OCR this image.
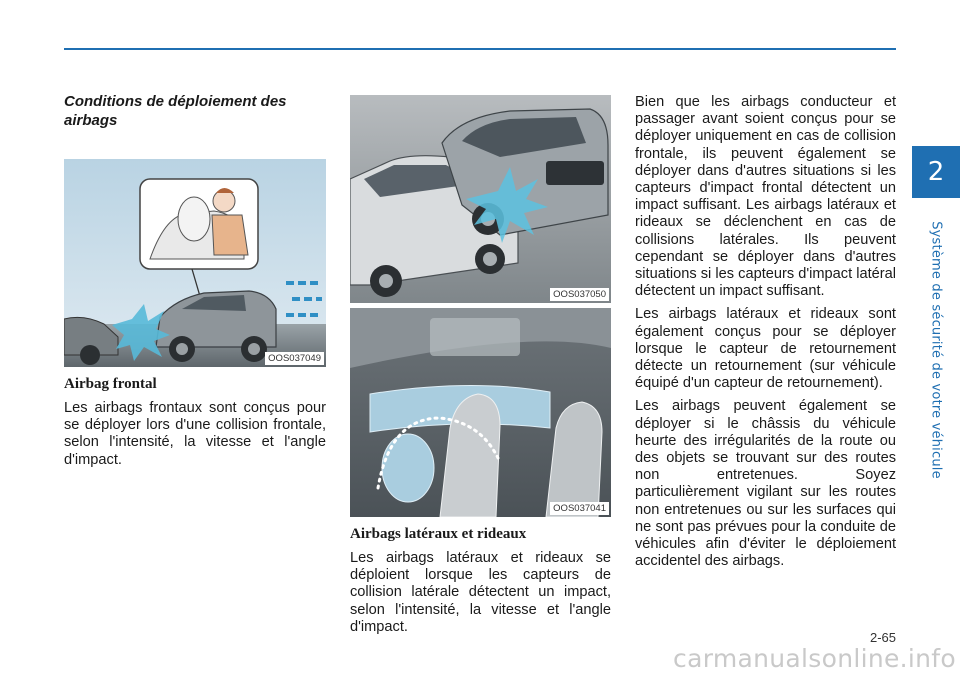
2
Système de sécurité de votre véhicule
Conditions de déploiement des airbags
OOS037049
Airbag frontal

Les airbags frontaux sont conçus pour se déployer lors d'une collision frontale, selon l'intensité, la vitesse et l'angle d'impact.

OOS037050
OOS037041
Airbags latéraux et rideaux

Les airbags latéraux et rideaux se déploient lorsque les capteurs de collision latérale détectent un impact, selon l'intensité, la vitesse et l'angle d'impact.

Bien que les airbags conducteur et passager avant soient conçus pour se déployer uniquement en cas de collision frontale, ils peuvent également se déployer dans d'autres situations si les capteurs d'impact frontal détectent un impact suffisant. Les airbags latéraux et rideaux se déclenchent en cas de collisions latérales. Ils peuvent cependant se déployer dans d'autres situations si les capteurs d'impact latéral détectent un impact suffisant.

Les airbags latéraux et rideaux sont également conçus pour se déployer lorsque le capteur de retournement détecte un retournement (sur véhicule équipé d'un capteur de retournement).

Les airbags peuvent également se déployer si le châssis du véhicule heurte des irrégularités de la route ou des objets se trouvant sur des routes non entretenues. Soyez particulièrement vigilant sur les routes non entretenues ou sur les surfaces qui ne sont pas prévues pour la conduite de véhicules afin d'éviter le déploiement accidentel des airbags.

2-65
carmanualsonline.info
